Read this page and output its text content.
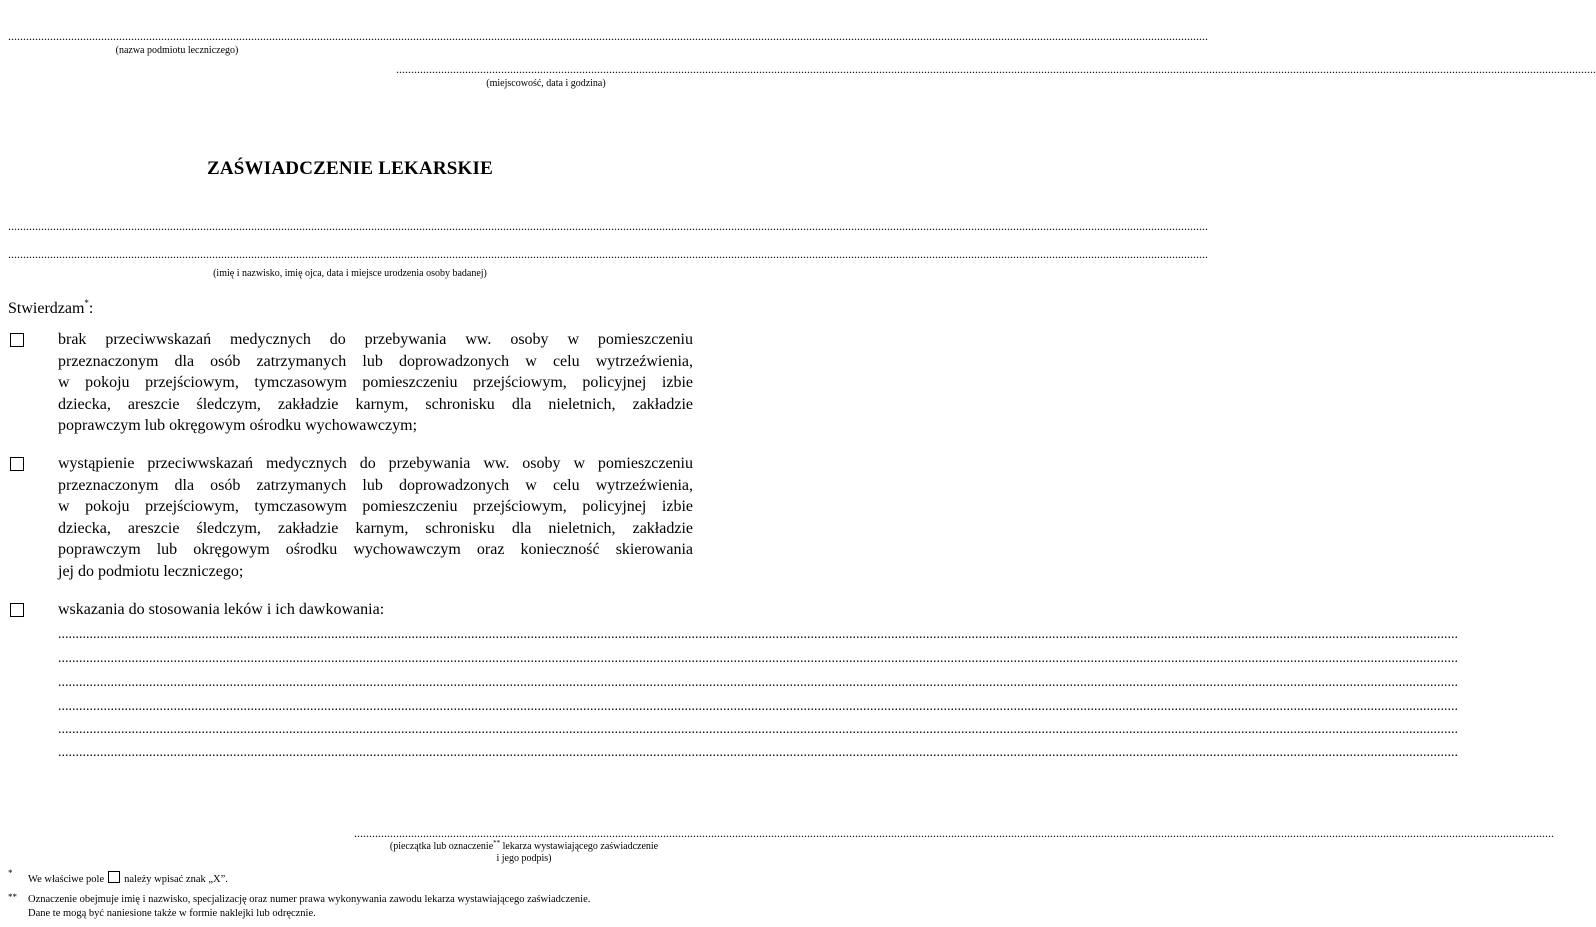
................................................................................................................................................................................................................................................................................................................................................................................................................
(nazwa podmiotu leczniczego)
................................................................................................................................................................................................................................................................................................................................................................................................................
(miejscowość, data i godzina)
ZAŚWIADCZENIE LEKARSKIE
................................................................................................................................................................................................................................................................................................................................................................................................................
................................................................................................................................................................................................................................................................................................................................................................................................................
(imię i nazwisko, imię ojca, data i miejsce urodzenia osoby badanej)
Stwierdzam*:
brak przeciwwskazań medycznych do przebywania ww. osoby w pomieszczeniu
przeznaczonym dla osób zatrzymanych lub doprowadzonych w celu wytrzeźwienia,
w pokoju przejściowym, tymczasowym pomieszczeniu przejściowym, policyjnej izbie
dziecka, areszcie śledczym, zakładzie karnym, schronisku dla nieletnich, zakładzie
poprawczym lub okręgowym ośrodku wychowawczym;
wystąpienie przeciwwskazań medycznych do przebywania ww. osoby w pomieszczeniu
przeznaczonym dla osób zatrzymanych lub doprowadzonych w celu wytrzeźwienia,
w pokoju przejściowym, tymczasowym pomieszczeniu przejściowym, policyjnej izbie
dziecka, areszcie śledczym, zakładzie karnym, schronisku dla nieletnich, zakładzie
poprawczym lub okręgowym ośrodku wychowawczym oraz konieczność skierowania
jej do podmiotu leczniczego;
wskazania do stosowania leków i ich dawkowania:
................................................................................................................................................................................................................................................................................................................................................................................................................
................................................................................................................................................................................................................................................................................................................................................................................................................
................................................................................................................................................................................................................................................................................................................................................................................................................
................................................................................................................................................................................................................................................................................................................................................................................................................
................................................................................................................................................................................................................................................................................................................................................................................................................
................................................................................................................................................................................................................................................................................................................................................................................................................
................................................................................................................................................................................................................................................................................................................................................................................................................
(pieczątka lub oznaczenie** lekarza wystawiającego zaświadczenie
i jego podpis)
*
We właściwe pole należy wpisać znak „X”.
** Oznaczenie obejmuje imię i nazwisko, specjalizację oraz numer prawa wykonywania zawodu lekarza wystawiającego zaświadczenie.
Dane te mogą być naniesione także w formie naklejki lub odręcznie.
